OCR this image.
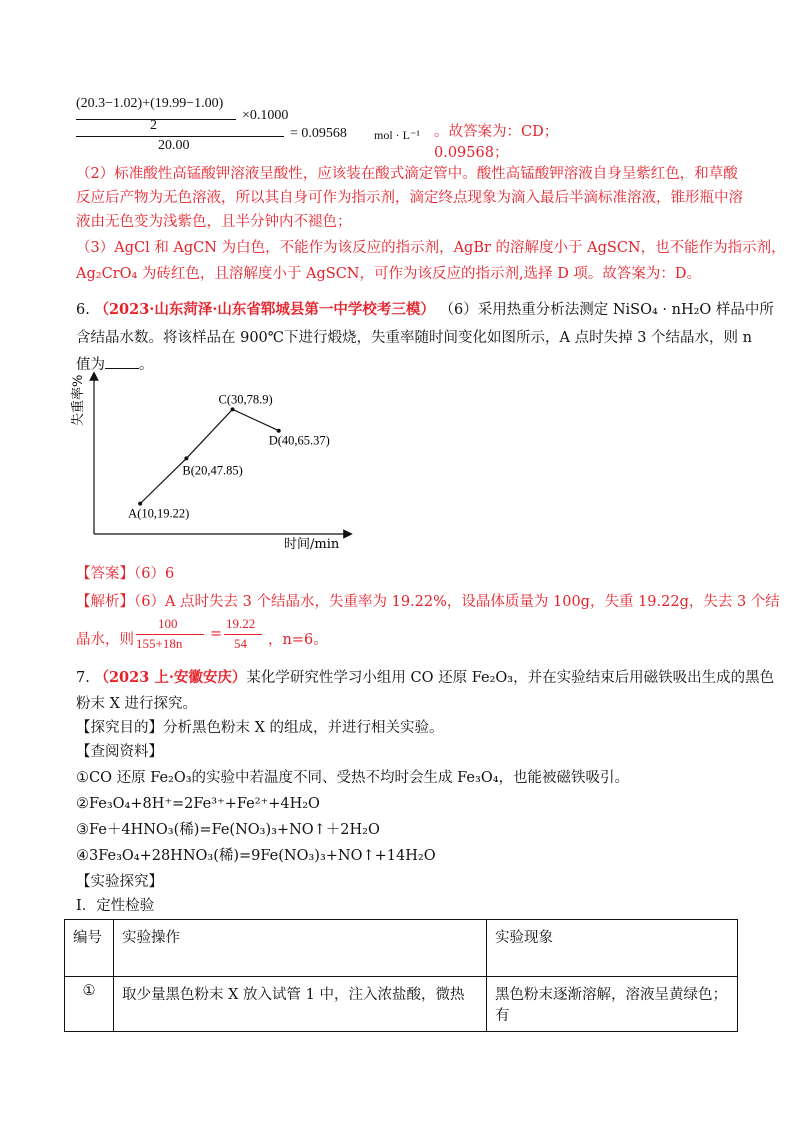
(20.3−1.02)+(19.99−1.00)
×0.1000
2
20.00
= 0.09568 mol · L⁻¹ 。故答案为：CD；0.09568；
（2）标准酸性高锰酸钾溶液呈酸性，应该装在酸式滴定管中。酸性高锰酸钾溶液自身呈紫红色，和草酸
反应后产物为无色溶液，所以其自身可作为指示剂，滴定终点现象为滴入最后半滴标准溶液，锥形瓶中溶
液由无色变为浅紫色，且半分钟内不褪色；
（3）AgCl 和 AgCN 为白色，不能作为该反应的指示剂，AgBr 的溶解度小于 AgSCN，也不能作为指示剂，
Ag₂CrO₄ 为砖红色，且溶解度小于 AgSCN，可作为该反应的指示剂,选择 D 项。故答案为：D。
6. （2023·山东菏泽·山东省郓城县第一中学校考三模） （6）采用热重分析法测定 NiSO₄ · nH₂O 样品中所
含结晶水数。将该样品在 900℃下进行煅烧，失重率随时间变化如图所示，A 点时失掉 3 个结晶水，则 n
值为 。
失重率%
时间/min
A(10,19.22)
B(20,47.85)
C(30,78.9)
D(40,65.37)
【答案】（6）6
【解析】（6）A 点时失去 3 个结晶水，失重率为 19.22%，设晶体质量为 100g，失重 19.22g，失去 3 个结
晶水，则
100
155+18n
=
19.22
54 ，n=6。
7. （2023 上·安徽安庆）某化学研究性学习小组用 CO 还原 Fe₂O₃，并在实验结束后用磁铁吸出生成的黑色
粉末 X 进行探究。
【探究目的】分析黑色粉末 X 的组成，并进行相关实验。
【查阅资料】
①CO 还原 Fe₂O₃的实验中若温度不同、受热不均时会生成 Fe₃O₄，也能被磁铁吸引。
②Fe₃O₄+8H⁺=2Fe³⁺+Fe²⁺+4H₂O
③Fe＋4HNO₃(稀)=Fe(NO₃)₃+NO↑＋2H₂O
④3Fe₃O₄+28HNO₃(稀)=9Fe(NO₃)₃+NO↑+14H₂O
【实验探究】
I．定性检验
编号	实验操作	实验现象
①	取少量黑色粉末 X 放入试管 1 中，注入浓盐酸，微热	黑色粉末逐渐溶解，溶液呈黄绿色；有
